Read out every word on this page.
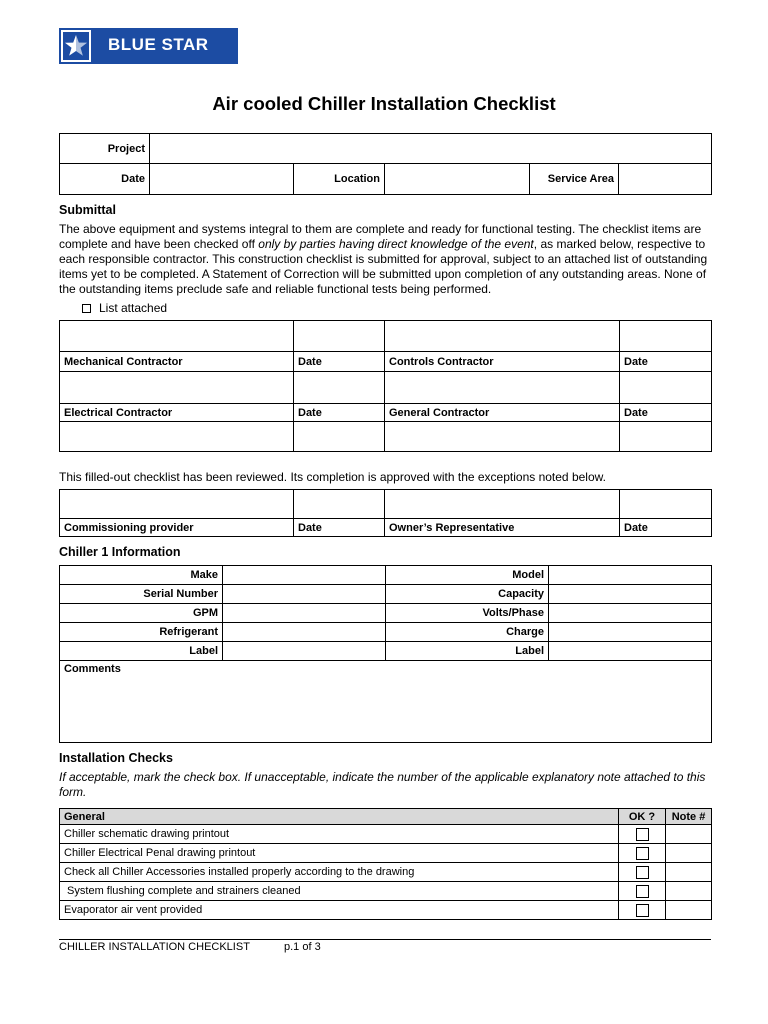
BLUE STAR
Air cooled Chiller Installation Checklist
Project					
Date		Location		Service Area	
Submittal
The above equipment and systems integral to them are complete and ready for functional testing. The checklist items are complete and have been checked off only by parties having direct knowledge of the event, as marked below, respective to each responsible contractor. This construction checklist is submitted for approval, subject to an attached list of outstanding items yet to be completed. A Statement of Correction will be submitted upon completion of any outstanding areas. None of the outstanding items preclude safe and reliable functional tests being performed.
List attached

Mechanical Contractor	Date	Controls Contractor	Date

Electrical Contractor	Date	General Contractor	Date

This filled-out checklist has been reviewed. Its completion is approved with the exceptions noted below.

Commissioning provider	Date	Owner’s Representative	Date
Chiller 1 Information
Make		Model	
Serial Number		Capacity	
GPM		Volts/Phase	
Refrigerant		Charge	
Label		Label	
Comments			
Installation Checks
If acceptable, mark the check box. If unacceptable, indicate the number of the applicable explanatory note attached to this form.
General	OK ?	Note #
Chiller schematic drawing printout		
Chiller Electrical Penal drawing printout		
Check all Chiller Accessories installed properly according to the drawing		
System flushing complete and strainers cleaned		
Evaporator air vent provided		
CHILLER INSTALLATION CHECKLIST	p.1 of 3
